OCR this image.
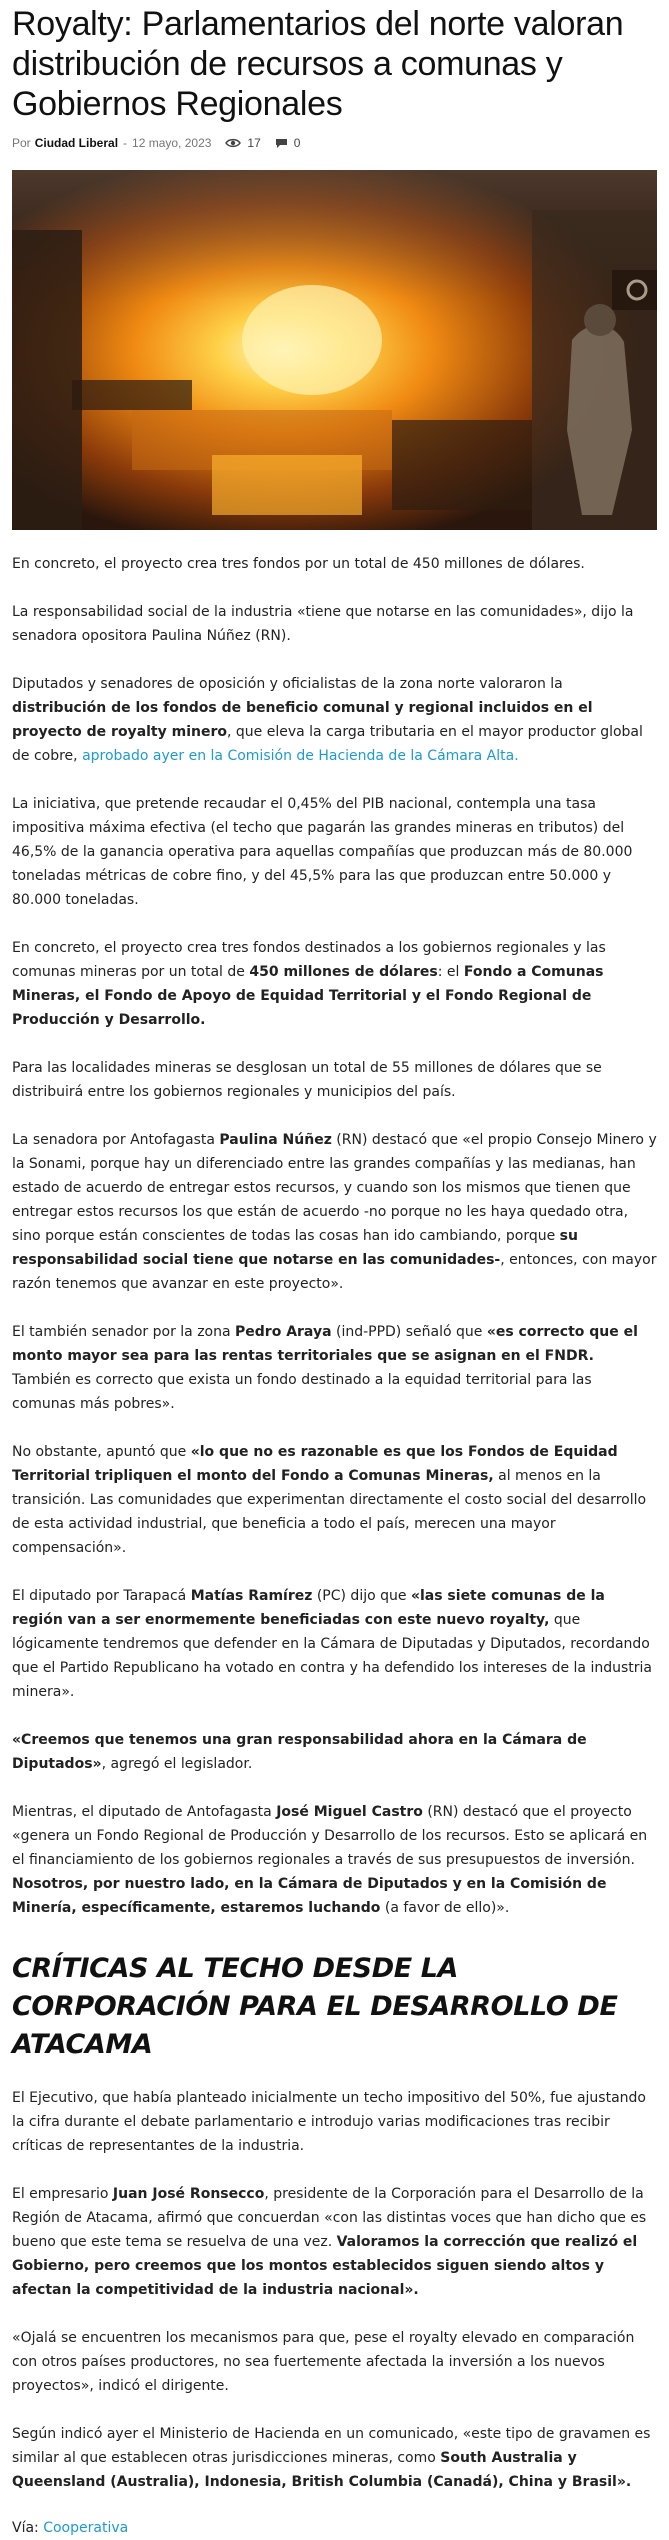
Royalty: Parlamentarios del norte valoran distribución de recursos a comunas y Gobiernos Regionales
Por Ciudad Liberal - 12 mayo, 2023	17	0

En concreto, el proyecto crea tres fondos por un total de 450 millones de dólares.

La responsabilidad social de la industria «tiene que notarse en las comunidades», dijo la senadora opositora Paulina Núñez (RN).

Diputados y senadores de oposición y oficialistas de la zona norte valoraron la distribución de los fondos de beneficio comunal y regional incluidos en el proyecto de royalty minero, que eleva la carga tributaria en el mayor productor global de cobre, aprobado ayer en la Comisión de Hacienda de la Cámara Alta.

La iniciativa, que pretende recaudar el 0,45% del PIB nacional, contempla una tasa impositiva máxima efectiva (el techo que pagarán las grandes mineras en tributos) del 46,5% de la ganancia operativa para aquellas compañías que produzcan más de 80.000 toneladas métricas de cobre fino, y del 45,5% para las que produzcan entre 50.000 y 80.000 toneladas.

En concreto, el proyecto crea tres fondos destinados a los gobiernos regionales y las comunas mineras por un total de 450 millones de dólares: el Fondo a Comunas Mineras, el Fondo de Apoyo de Equidad Territorial y el Fondo Regional de Producción y Desarrollo.

Para las localidades mineras se desglosan un total de 55 millones de dólares que se distribuirá entre los gobiernos regionales y municipios del país.

La senadora por Antofagasta Paulina Núñez (RN) destacó que «el propio Consejo Minero y la Sonami, porque hay un diferenciado entre las grandes compañías y las medianas, han estado de acuerdo de entregar estos recursos, y cuando son los mismos que tienen que entregar estos recursos los que están de acuerdo -no porque no les haya quedado otra, sino porque están conscientes de todas las cosas han ido cambiando, porque su responsabilidad social tiene que notarse en las comunidades-, entonces, con mayor razón tenemos que avanzar en este proyecto».

El también senador por la zona Pedro Araya (ind-PPD) señaló que «es correcto que el monto mayor sea para las rentas territoriales que se asignan en el FNDR. También es correcto que exista un fondo destinado a la equidad territorial para las comunas más pobres».

No obstante, apuntó que «lo que no es razonable es que los Fondos de Equidad Territorial tripliquen el monto del Fondo a Comunas Mineras, al menos en la transición. Las comunidades que experimentan directamente el costo social del desarrollo de esta actividad industrial, que beneficia a todo el país, merecen una mayor compensación».

El diputado por Tarapacá Matías Ramírez (PC) dijo que «las siete comunas de la región van a ser enormemente beneficiadas con este nuevo royalty, que lógicamente tendremos que defender en la Cámara de Diputadas y Diputados, recordando que el Partido Republicano ha votado en contra y ha defendido los intereses de la industria minera».

«Creemos que tenemos una gran responsabilidad ahora en la Cámara de Diputados», agregó el legislador.

Mientras, el diputado de Antofagasta José Miguel Castro (RN) destacó que el proyecto «genera un Fondo Regional de Producción y Desarrollo de los recursos. Esto se aplicará en el financiamiento de los gobiernos regionales a través de sus presupuestos de inversión. Nosotros, por nuestro lado, en la Cámara de Diputados y en la Comisión de Minería, específicamente, estaremos luchando (a favor de ello)».

CRÍTICAS AL TECHO DESDE LA CORPORACIÓN PARA EL DESARROLLO DE ATACAMA

El Ejecutivo, que había planteado inicialmente un techo impositivo del 50%, fue ajustando la cifra durante el debate parlamentario e introdujo varias modificaciones tras recibir críticas de representantes de la industria.

El empresario Juan José Ronsecco, presidente de la Corporación para el Desarrollo de la Región de Atacama, afirmó que concuerdan «con las distintas voces que han dicho que es bueno que este tema se resuelva de una vez. Valoramos la corrección que realizó el Gobierno, pero creemos que los montos establecidos siguen siendo altos y afectan la competitividad de la industria nacional».

«Ojalá se encuentren los mecanismos para que, pese el royalty elevado en comparación con otros países productores, no sea fuertemente afectada la inversión a los nuevos proyectos», indicó el dirigente.

Según indicó ayer el Ministerio de Hacienda en un comunicado, «este tipo de gravamen es similar al que establecen otras jurisdicciones mineras, como South Australia y Queensland (Australia), Indonesia, British Columbia (Canadá), China y Brasil».

Vía: Cooperativa
